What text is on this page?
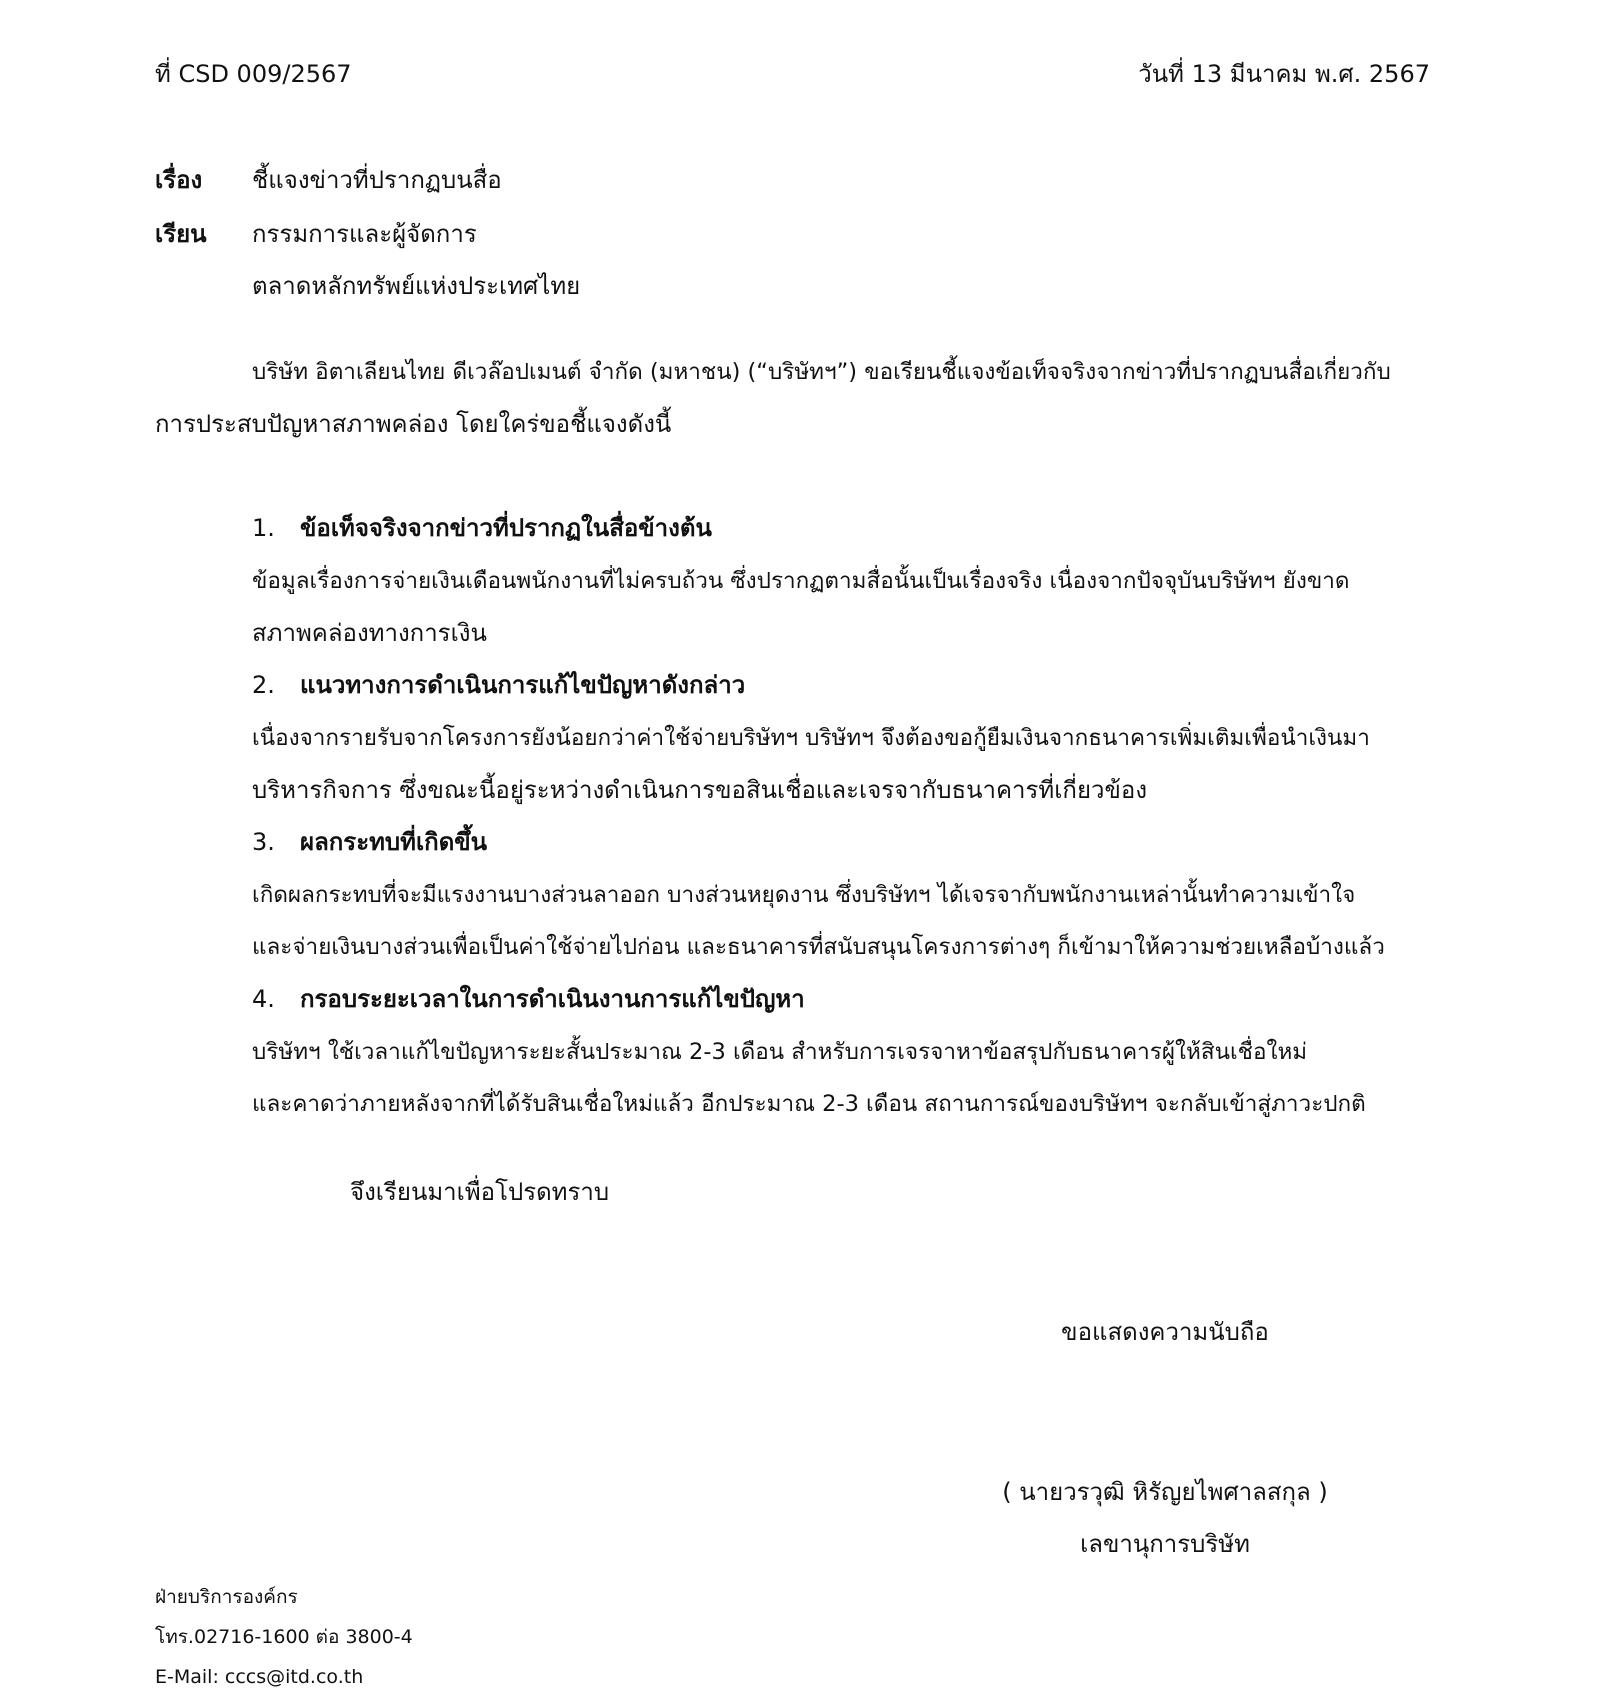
ที่ CSD 009/2567	วันที่ 13 มีนาคม พ.ศ. 2567
เรื่อง ชี้แจงข่าวที่ปรากฏบนสื่อ
เรียน กรรมการและผู้จัดการ
ตลาดหลักทรัพย์แห่งประเทศไทย
บริษัท อิตาเลียนไทย ดีเวล๊อปเมนต์ จำกัด (มหาชน) (“บริษัทฯ”) ขอเรียนชี้แจงข้อเท็จจริงจากข่าวที่ปรากฏบนสื่อเกี่ยวกับ
การประสบปัญหาสภาพคล่อง โดยใคร่ขอชี้แจงดังนี้
1. ข้อเท็จจริงจากข่าวที่ปรากฏในสื่อข้างต้น
ข้อมูลเรื่องการจ่ายเงินเดือนพนักงานที่ไม่ครบถ้วน ซึ่งปรากฏตามสื่อนั้นเป็นเรื่องจริง เนื่องจากปัจจุบันบริษัทฯ ยังขาด
สภาพคล่องทางการเงิน
2. แนวทางการดำเนินการแก้ไขปัญหาดังกล่าว
เนื่องจากรายรับจากโครงการยังน้อยกว่าค่าใช้จ่ายบริษัทฯ บริษัทฯ จึงต้องขอกู้ยืมเงินจากธนาคารเพิ่มเติมเพื่อนำเงินมา
บริหารกิจการ ซึ่งขณะนี้อยู่ระหว่างดำเนินการขอสินเชื่อและเจรจากับธนาคารที่เกี่ยวข้อง
3. ผลกระทบที่เกิดขึ้น
เกิดผลกระทบที่จะมีแรงงานบางส่วนลาออก บางส่วนหยุดงาน ซึ่งบริษัทฯ ได้เจรจากับพนักงานเหล่านั้นทำความเข้าใจ
และจ่ายเงินบางส่วนเพื่อเป็นค่าใช้จ่ายไปก่อน และธนาคารที่สนับสนุนโครงการต่างๆ ก็เข้ามาให้ความช่วยเหลือบ้างแล้ว
4. กรอบระยะเวลาในการดำเนินงานการแก้ไขปัญหา
บริษัทฯ ใช้เวลาแก้ไขปัญหาระยะสั้นประมาณ 2-3 เดือน สำหรับการเจรจาหาข้อสรุปกับธนาคารผู้ให้สินเชื่อใหม่
และคาดว่าภายหลังจากที่ได้รับสินเชื่อใหม่แล้ว อีกประมาณ 2-3 เดือน สถานการณ์ของบริษัทฯ จะกลับเข้าสู่ภาวะปกติ
จึงเรียนมาเพื่อโปรดทราบ
ขอแสดงความนับถือ
( นายวรวุฒิ หิรัญยไพศาลสกุล )
เลขานุการบริษัท
ฝ่ายบริการองค์กร
โทร.02716-1600 ต่อ 3800-4
E-Mail: cccs@itd.co.th
